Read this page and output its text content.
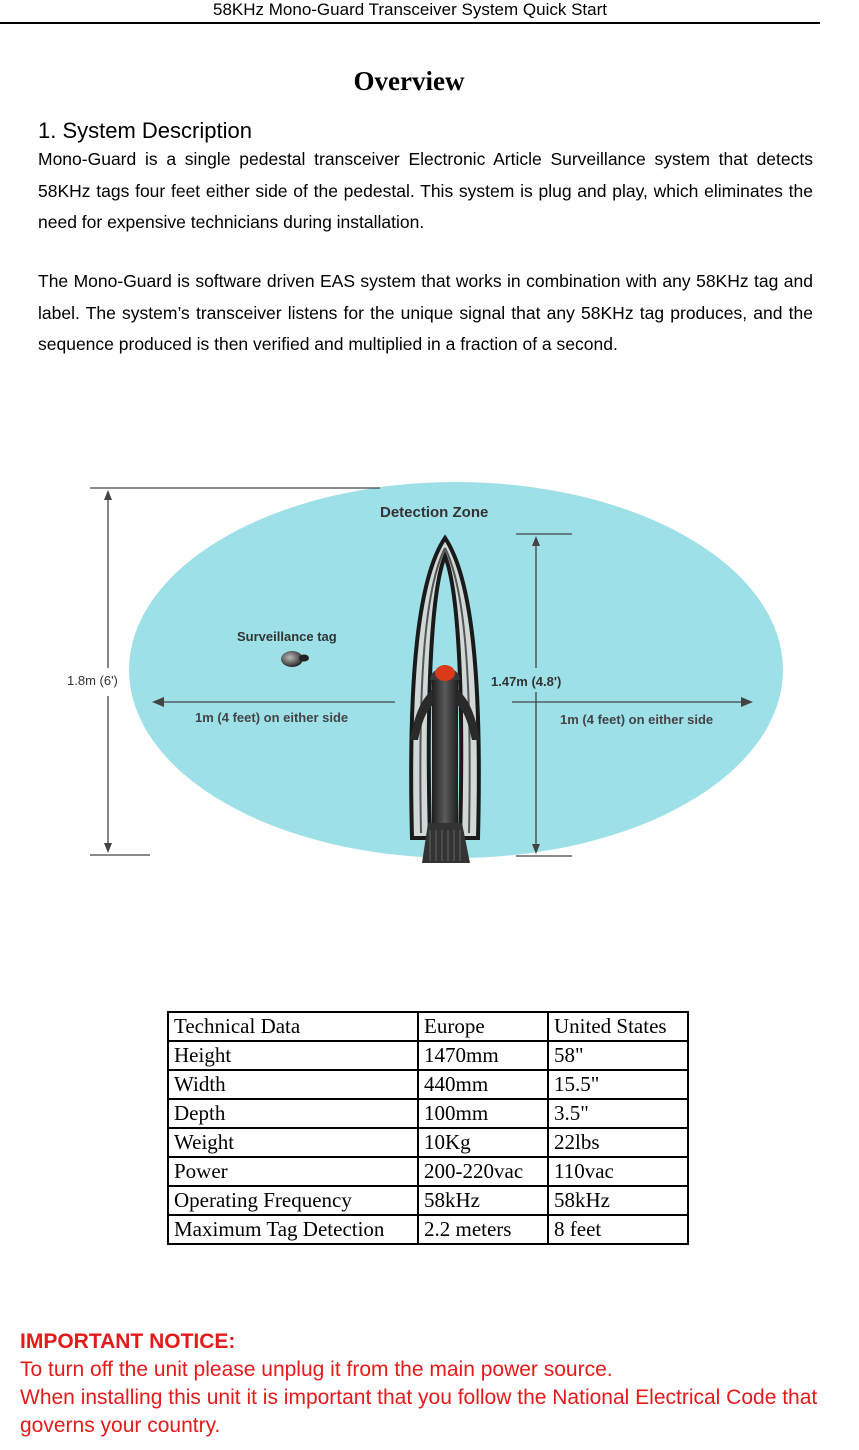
58KHz Mono-Guard Transceiver System Quick Start
Overview
1. System Description
Mono-Guard is a single pedestal transceiver Electronic Article Surveillance system that detects 58KHz tags four feet either side of the pedestal. This system is plug and play, which eliminates the need for expensive technicians during installation.
The Mono-Guard is software driven EAS system that works in combination with any 58KHz tag and label. The system’s transceiver listens for the unique signal that any 58KHz tag produces, and the sequence produced is then verified and multiplied in a fraction of a second.
1.8m (6')
1m (4 feet) on either side	1m (4 feet) on either side
1.47m (4.8')
Detection Zone
Surveillance tag
Technical Data	Europe	United States
Height	1470mm	58"
Width	440mm	15.5"
Depth	100mm	3.5"
Weight	10Kg	22lbs
Power	200-220vac	110vac
Operating Frequency	58kHz	58kHz
Maximum Tag Detection	2.2 meters	8 feet
IMPORTANT NOTICE:
To turn off the unit please unplug it from the main power source.
When installing this unit it is important that you follow the National Electrical Code that governs your country.
